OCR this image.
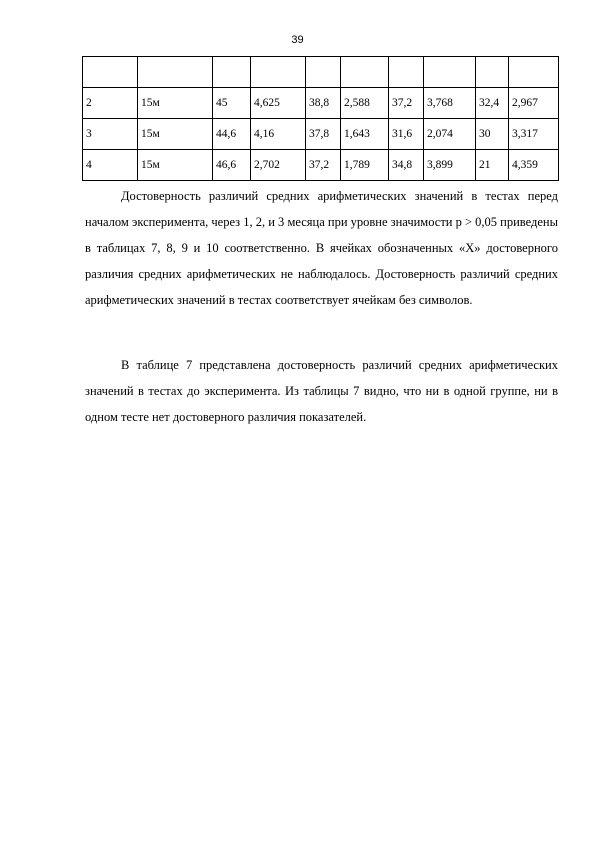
39

2	15м	45	4,625	38,8	2,588	37,2	3,768	32,4	2,967
3	15м	44,6	4,16	37,8	1,643	31,6	2,074	30	3,317
4	15м	46,6	2,702	37,2	1,789	34,8	3,899	21	4,359

Достоверность различий средних арифметических значений в тестах перед началом эксперимента, через 1, 2, и 3 месяца при уровне значимости p > 0,05 приведены в таблицах 7, 8, 9 и 10 соответственно. В ячейках обозначенных «X» достоверного различия средних арифметических не наблюдалось. Достоверность различий средних арифметических значений в тестах соответствует ячейкам без символов.

В таблице 7 представлена достоверность различий средних арифметических значений в тестах до эксперимента. Из таблицы 7 видно, что ни в одной группе, ни в одном тесте нет достоверного различия показателей.
